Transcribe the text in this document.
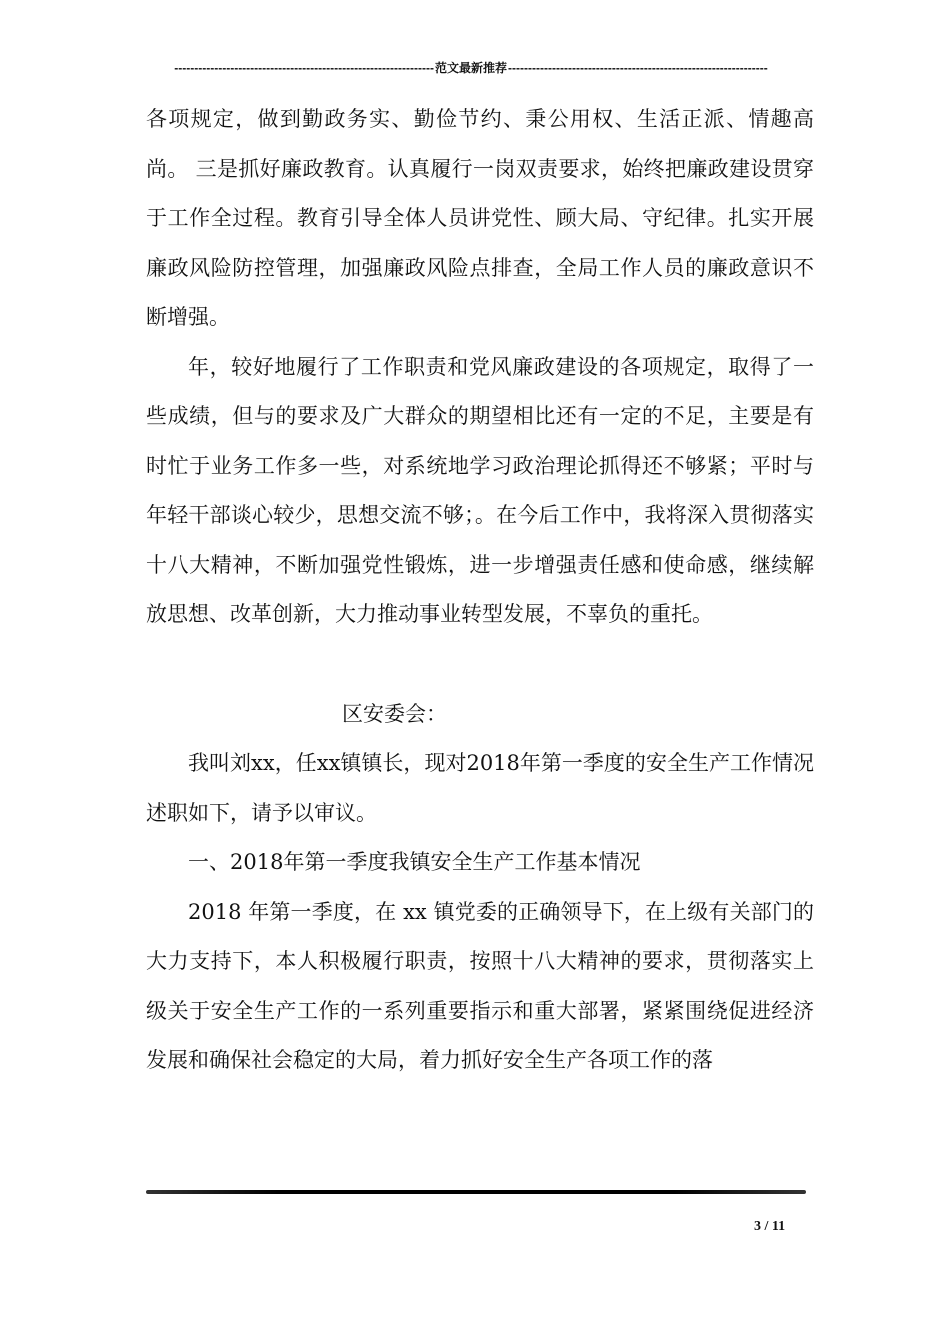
----------------------------------------------------------------- 范文最新推荐 -----------------------------------------------------------------

各项规定，做到勤政务实、勤俭节约、秉公用权、生活正派、情趣高尚。 三是抓好廉政教育。认真履行一岗双责要求，始终把廉政建设贯穿于工作全过程。教育引导全体人员讲党性、顾大局、守纪律。扎实开展廉政风险防控管理，加强廉政风险点排查，全局工作人员的廉政意识不断增强。

年，较好地履行了工作职责和党风廉政建设的各项规定，取得了一些成绩，但与的要求及广大群众的期望相比还有一定的不足，主要是有时忙于业务工作多一些，对系统地学习政治理论抓得还不够紧；平时与年轻干部谈心较少，思想交流不够；。在今后工作中，我将深入贯彻落实十八大精神，不断加强党性锻炼，进一步增强责任感和使命感，继续解放思想、改革创新，大力推动事业转型发展，不辜负的重托。

区安委会：

我叫刘xx，任xx镇镇长，现对2018年第一季度的安全生产工作情况述职如下，请予以审议。

一、2018年第一季度我镇安全生产工作基本情况

2018 年第一季度，在 xx 镇党委的正确领导下，在上级有关部门的大力支持下，本人积极履行职责，按照十八大精神的要求，贯彻落实上级关于安全生产工作的一系列重要指示和重大部署，紧紧围绕促进经济发展和确保社会稳定的大局，着力抓好安全生产各项工作的落

3 / 11
